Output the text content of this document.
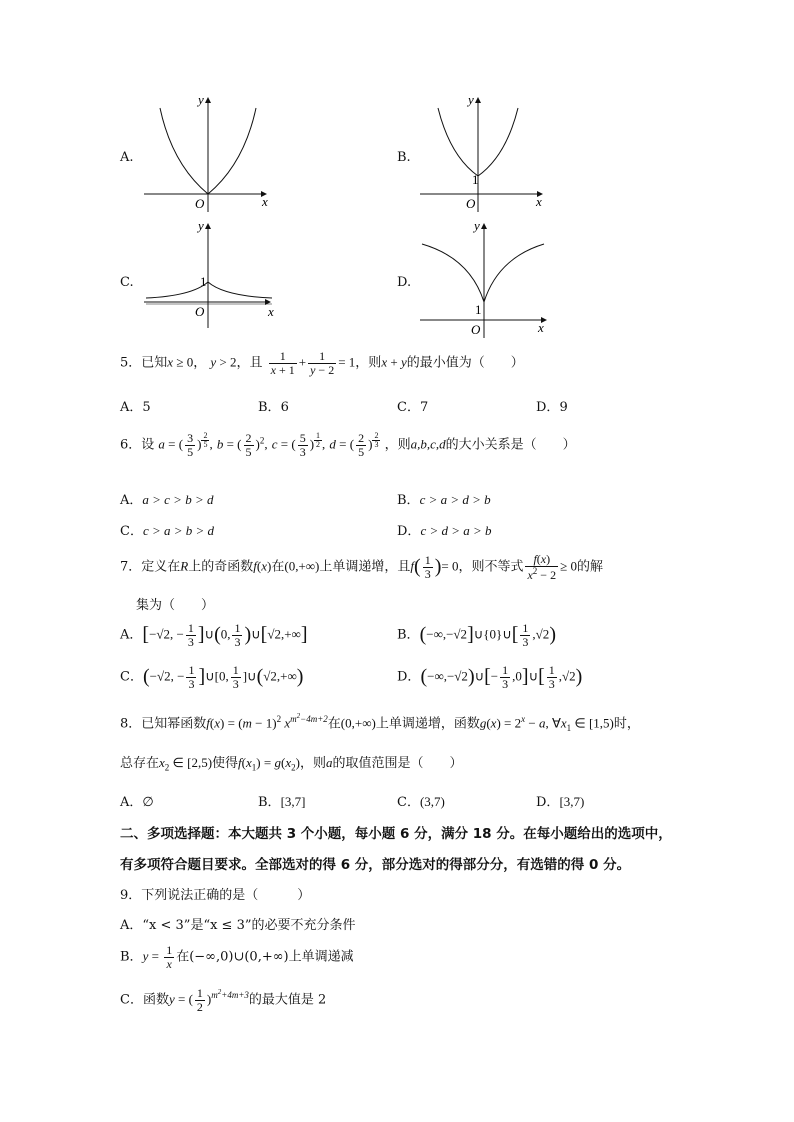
A.
y
x
O
B.
y
x
O
1
C.
y
x
O
1	D.
y
x
O
1
5．已知x ≥ 0， y > 2，且 $\frac{1}{x + 1} + \frac{1}{y - 2} = 1$，则x + y的最小值为（　　）
A．5	B．6	C．7	D．9
6．设 a = ( $\frac{3}{5}$ ) $^{\frac{2}{5}}$ , b = ( $\frac{2}{5} )^2$, c = ( $\frac{5}{3}$ ) $^{\frac{1}{2}}$ , d = ( $\frac{2}{5}$ ) $^{\frac{2}{3}}$ ，则a,b,c,d的大小关系是（　　）
A．a > c > b > d	B．c > a > d > b
C．c > a > b > d	D．c > d > a > b
7．定义在R上的奇函数f(x)在(0,+∞)上单调递增，且$f( \frac{1}{3}$ )= 0，则不等式 $\frac{f(x)}{x^2 - 2} \ge 0$的解
集为（　　）
A．[−√2, − $\frac{1}{3}$ ]∪(0, $\frac{1}{3}$ )∪[√2,+∞]	B．(−∞,−√2]∪{0}∪[ $\frac{1}{3} ,√2$)
C．(−√2, − $\frac{1}{3}$ ]∪[0, $\frac{1}{3}$ ]∪(√2,+∞)	D．(−∞,−√2)∪[− $\frac{1}{3}$ ,0]∪[ $\frac{1}{3} ,√2$)
8．已知幂函数$f(x) = (m - 1)^2$ $x^{m^2-4m+2}$在(0,+∞)上单调递增，函数$g(x) = 2^x - a$, $\forall x_1$ ∈ [1,5)时，
总存在$x_2$ ∈ [2,5)使得$f(x_1) = g(x_2)$，则a的取值范围是（　　）
A．∅	B．[3,7]	C．(3,7)	D．[3,7)
二、多项选择题：本大题共 3 个小题，每小题 6 分，满分 18 分。在每小题给出的选项中，
有多项符合题目要求。全部选对的得 6 分，部分选对的得部分分，有选错的得 0 分。
9．下列说法正确的是（　　　）
A．“x < 3”是“x ≤ 3”的必要不充分条件
B．$y = \frac{1}{x}$ 在(−∞,0)∪(0,+∞)上单调递减
C．函数y = ( $\frac{1}{2} )^{m^2+4m+3}$的最大值是 2
